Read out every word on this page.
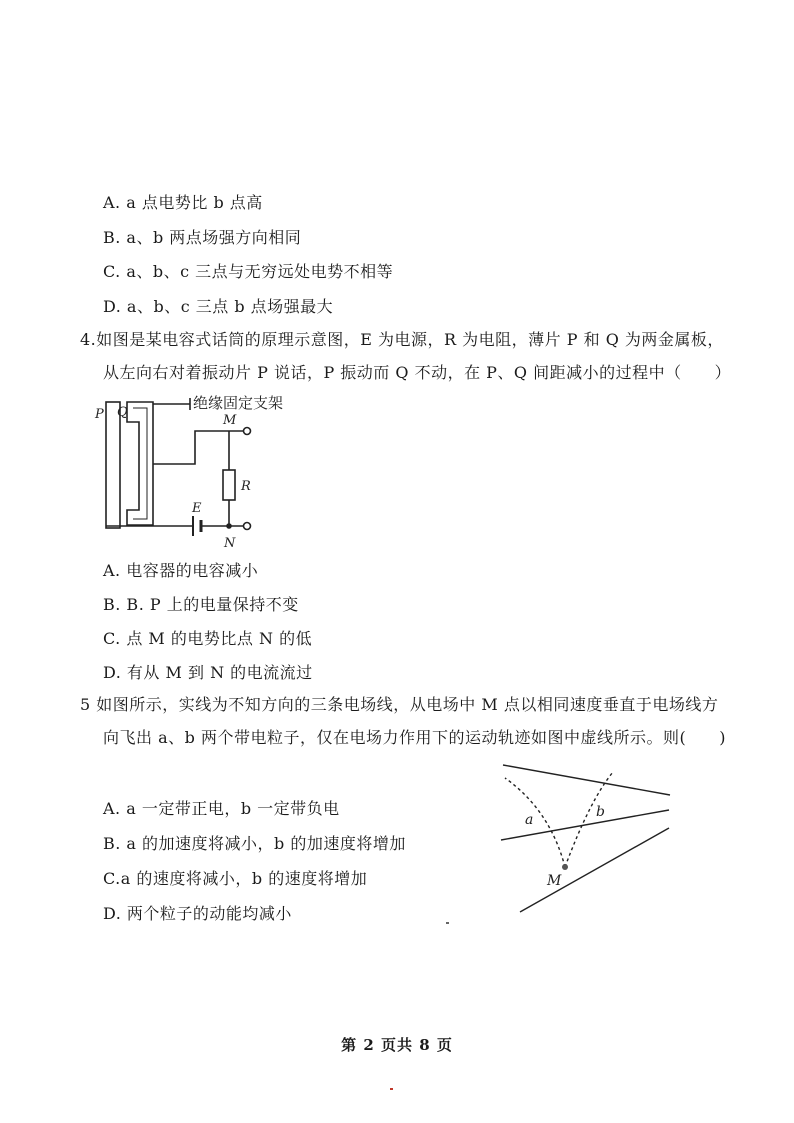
A. a 点电势比 b 点高
B. a、b 两点场强方向相同
C. a、b、c 三点与无穷远处电势不相等
D. a、b、c 三点 b 点场强最大
4.如图是某电容式话筒的原理示意图，E 为电源，R 为电阻，薄片 P 和 Q 为两金属板，
从左向右对着振动片 P 说话，P 振动而 Q 不动，在 P、Q 间距减小的过程中（　　）
绝缘固定支架
P Q
M
R
E
N
A. 电容器的电容减小
B. B. P 上的电量保持不变
C. 点 M 的电势比点 N 的低
D. 有从 M 到 N 的电流流过
5 如图所示，实线为不知方向的三条电场线，从电场中 M 点以相同速度垂直于电场线方
向飞出 a、b 两个带电粒子，仅在电场力作用下的运动轨迹如图中虚线所示。则(　　)
A. a 一定带正电，b 一定带负电
B. a 的加速度将减小，b 的加速度将增加
C.a 的速度将减小，b 的速度将增加
D. 两个粒子的动能均减小
a	b
M
第 2 页共 8 页
